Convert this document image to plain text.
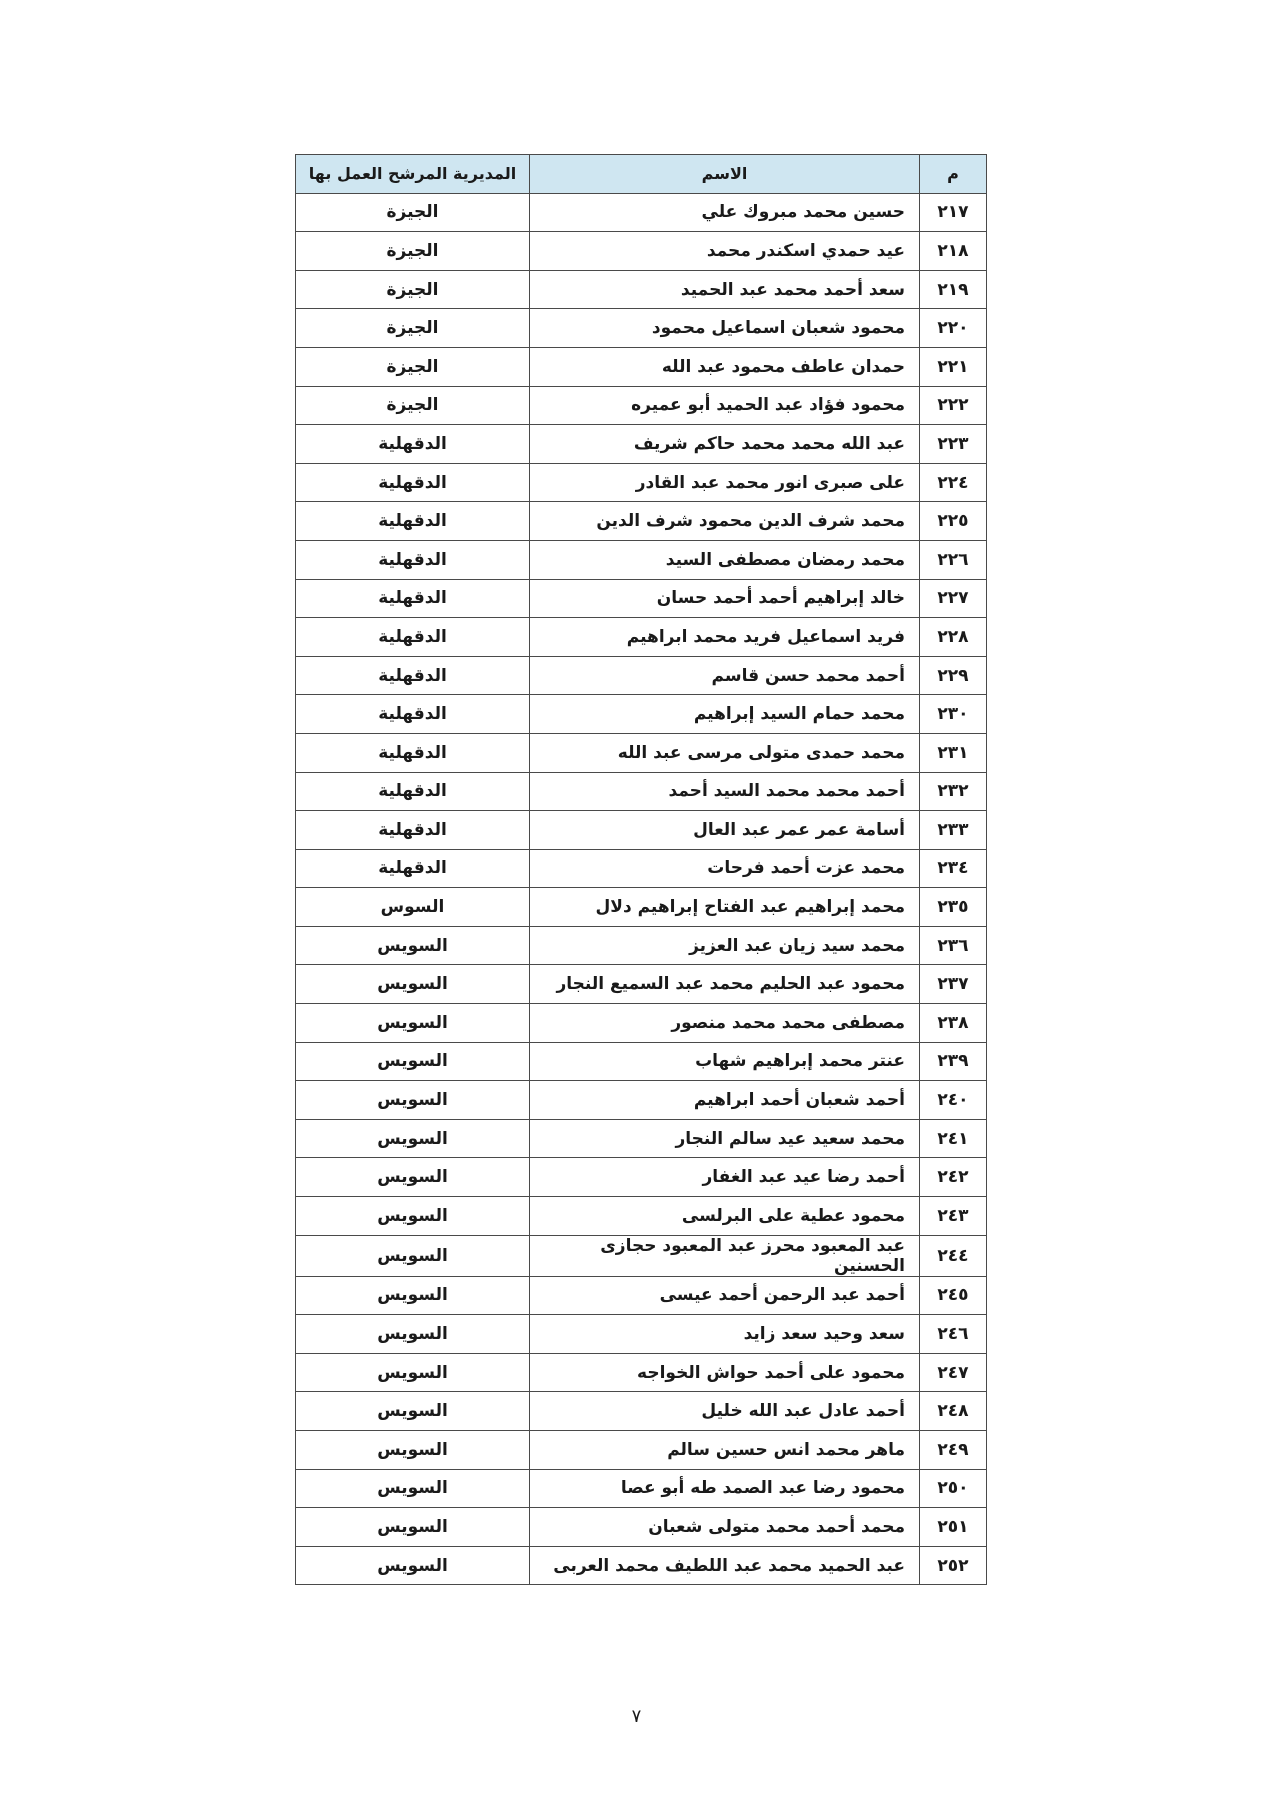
م	الاسم	المديرية المرشح العمل بها
٢١٧	حسين محمد مبروك علي	الجيزة
٢١٨	عيد حمدي اسكندر محمد	الجيزة
٢١٩	سعد أحمد محمد عبد الحميد	الجيزة
٢٢٠	محمود شعبان اسماعيل محمود	الجيزة
٢٢١	حمدان عاطف محمود عبد الله	الجيزة
٢٢٢	محمود فؤاد عبد الحميد أبو عميره	الجيزة
٢٢٣	عبد الله محمد محمد حاكم شريف	الدقهلية
٢٢٤	على صبرى انور محمد عبد القادر	الدقهلية
٢٢٥	محمد شرف الدين محمود شرف الدين	الدقهلية
٢٢٦	محمد رمضان مصطفى السيد	الدقهلية
٢٢٧	خالد إبراهيم أحمد أحمد حسان	الدقهلية
٢٢٨	فريد اسماعيل فريد محمد ابراهيم	الدقهلية
٢٢٩	أحمد محمد حسن قاسم	الدقهلية
٢٣٠	محمد حمام السيد إبراهيم	الدقهلية
٢٣١	محمد حمدى متولى مرسى عبد الله	الدقهلية
٢٣٢	أحمد محمد محمد السيد أحمد	الدقهلية
٢٣٣	أسامة عمر عمر عبد العال	الدقهلية
٢٣٤	محمد عزت أحمد فرحات	الدقهلية
٢٣٥	محمد إبراهيم عبد الفتاح إبراهيم دلال	السوس
٢٣٦	محمد سيد زيان عبد العزيز	السويس
٢٣٧	محمود عبد الحليم محمد عبد السميع النجار	السويس
٢٣٨	مصطفى محمد محمد منصور	السويس
٢٣٩	عنتر محمد إبراهيم شهاب	السويس
٢٤٠	أحمد شعبان أحمد ابراهيم	السويس
٢٤١	محمد سعيد عيد سالم النجار	السويس
٢٤٢	أحمد رضا عيد عبد الغفار	السويس
٢٤٣	محمود عطية على البرلسى	السويس
٢٤٤	عبد المعبود محرز عبد المعبود حجازى الحسنين	السويس
٢٤٥	أحمد عبد الرحمن أحمد عيسى	السويس
٢٤٦	سعد وحيد سعد زايد	السويس
٢٤٧	محمود على أحمد حواش الخواجه	السويس
٢٤٨	أحمد عادل عبد الله خليل	السويس
٢٤٩	ماهر محمد انس حسين سالم	السويس
٢٥٠	محمود رضا عبد الصمد طه أبو عصا	السويس
٢٥١	محمد أحمد محمد متولى شعبان	السويس
٢٥٢	عبد الحميد محمد عبد اللطيف محمد العربى	السويس
٧
